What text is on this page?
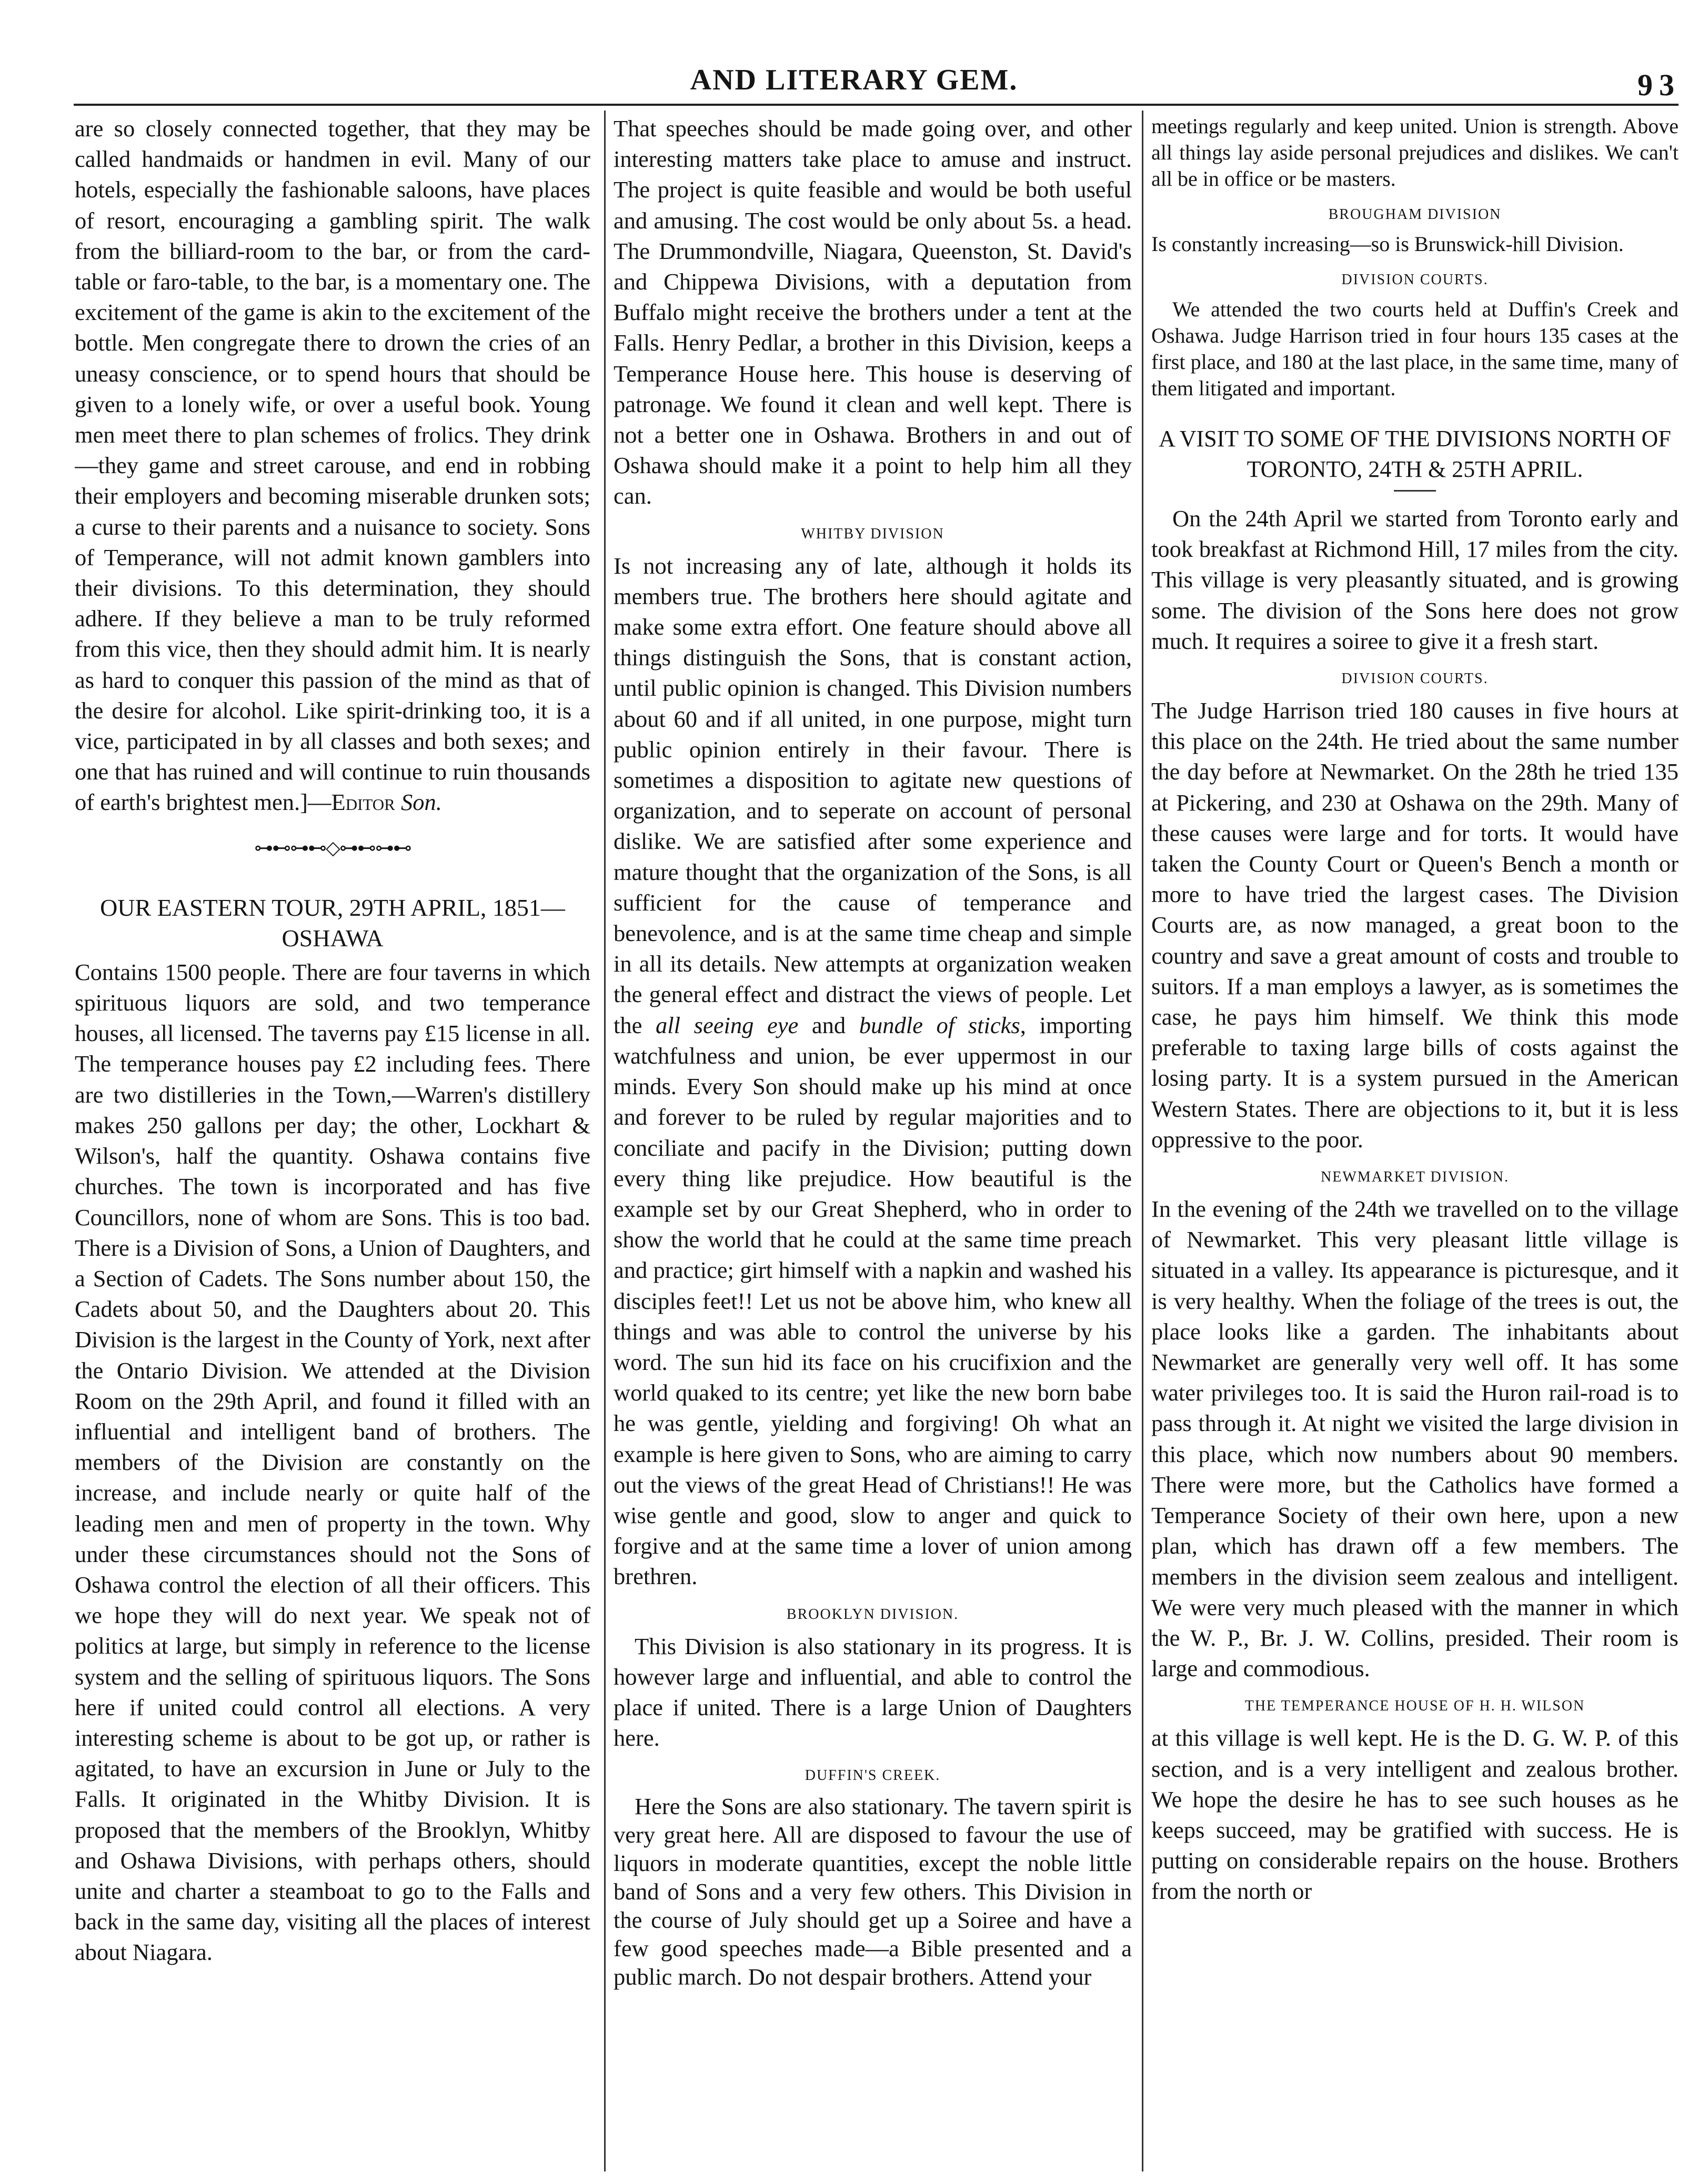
AND LITERARY GEM.	93

are so closely connected together, that they may be called handmaids or handmen in evil. Many of our hotels, especially the fashionable saloons, have places of resort, encouraging a gambling spirit. The walk from the billiard-room to the bar, or from the card-table or faro-table, to the bar, is a momentary one. The excitement of the game is akin to the excitement of the bottle. Men congregate there to drown the cries of an uneasy conscience, or to spend hours that should be given to a lonely wife, or over a useful book. Young men meet there to plan schemes of frolics. They drink—they game and street carouse, and end in robbing their employers and becoming miserable drunken sots; a curse to their parents and a nuisance to society. Sons of Temperance, will not admit known gamblers into their divisions. To this determination, they should adhere. If they believe a man to be truly reformed from this vice, then they should admit him. It is nearly as hard to conquer this passion of the mind as that of the desire for alcohol. Like spirit-drinking too, it is a vice, participated in by all classes and both sexes; and one that has ruined and will continue to ruin thousands of earth's brightest men.]—Editor Son.

⊶⊷⊶⊷◇⊶⊷⊶⊷
OUR EASTERN TOUR, 29TH APRIL, 1851— OSHAWA

Contains 1500 people. There are four taverns in which spirituous liquors are sold, and two temperance houses, all licensed. The taverns pay £15 license in all. The temperance houses pay £2 including fees. There are two distilleries in the Town,—Warren's distillery makes 250 gallons per day; the other, Lockhart & Wilson's, half the quantity. Oshawa contains five churches. The town is incorporated and has five Councillors, none of whom are Sons. This is too bad. There is a Division of Sons, a Union of Daughters, and a Section of Cadets. The Sons number about 150, the Cadets about 50, and the Daughters about 20. This Division is the largest in the County of York, next after the Ontario Division. We attended at the Division Room on the 29th April, and found it filled with an influential and intelligent band of brothers. The members of the Division are constantly on the increase, and include nearly or quite half of the leading men and men of property in the town. Why under these circumstances should not the Sons of Oshawa control the election of all their officers. This we hope they will do next year. We speak not of politics at large, but simply in reference to the license system and the selling of spirituous liquors. The Sons here if united could control all elections. A very interesting scheme is about to be got up, or rather is agitated, to have an excursion in June or July to the Falls. It originated in the Whitby Division. It is proposed that the members of the Brooklyn, Whitby and Oshawa Divisions, with perhaps others, should unite and charter a steamboat to go to the Falls and back in the same day, visiting all the places of interest about Niagara.

That speeches should be made going over, and other interesting matters take place to amuse and instruct. The project is quite feasible and would be both useful and amusing. The cost would be only about 5s. a head. The Drummondville, Niagara, Queenston, St. David's and Chippewa Divisions, with a deputation from Buffalo might receive the brothers under a tent at the Falls. Henry Pedlar, a brother in this Division, keeps a Temperance House here. This house is deserving of patronage. We found it clean and well kept. There is not a better one in Oshawa. Brothers in and out of Oshawa should make it a point to help him all they can.

WHITBY DIVISION

Is not increasing any of late, although it holds its members true. The brothers here should agitate and make some extra effort. One feature should above all things distinguish the Sons, that is constant action, until public opinion is changed. This Division numbers about 60 and if all united, in one purpose, might turn public opinion entirely in their favour. There is sometimes a disposition to agitate new questions of organization, and to seperate on account of personal dislike. We are satisfied after some experience and mature thought that the organization of the Sons, is all sufficient for the cause of temperance and benevolence, and is at the same time cheap and simple in all its details. New attempts at organization weaken the general effect and distract the views of people. Let the all seeing eye and bundle of sticks, importing watchfulness and union, be ever uppermost in our minds. Every Son should make up his mind at once and forever to be ruled by regular majorities and to conciliate and pacify in the Division; putting down every thing like prejudice. How beautiful is the example set by our Great Shepherd, who in order to show the world that he could at the same time preach and practice; girt himself with a napkin and washed his disciples feet!! Let us not be above him, who knew all things and was able to control the universe by his word. The sun hid its face on his crucifixion and the world quaked to its centre; yet like the new born babe he was gentle, yielding and forgiving! Oh what an example is here given to Sons, who are aiming to carry out the views of the great Head of Christians!! He was wise gentle and good, slow to anger and quick to forgive and at the same time a lover of union among brethren.

BROOKLYN DIVISION.

This Division is also stationary in its progress. It is however large and influential, and able to control the place if united. There is a large Union of Daughters here.

DUFFIN'S CREEK.

Here the Sons are also stationary. The tavern spirit is very great here. All are disposed to favour the use of liquors in moderate quantities, except the noble little band of Sons and a very few others. This Division in the course of July should get up a Soiree and have a few good speeches made—a Bible presented and a public march. Do not despair brothers. Attend your

meetings regularly and keep united. Union is strength. Above all things lay aside personal prejudices and dislikes. We can't all be in office or be masters.

BROUGHAM DIVISION

Is constantly increasing—so is Brunswick-hill Division.

DIVISION COURTS.

We attended the two courts held at Duffin's Creek and Oshawa. Judge Harrison tried in four hours 135 cases at the first place, and 180 at the last place, in the same time, many of them litigated and important.

A VISIT TO SOME OF THE DIVISIONS NORTH OF TORONTO, 24TH & 25TH APRIL.

On the 24th April we started from Toronto early and took breakfast at Richmond Hill, 17 miles from the city. This village is very pleasantly situated, and is growing some. The division of the Sons here does not grow much. It requires a soiree to give it a fresh start.

DIVISION COURTS.

The Judge Harrison tried 180 causes in five hours at this place on the 24th. He tried about the same number the day before at Newmarket. On the 28th he tried 135 at Pickering, and 230 at Oshawa on the 29th. Many of these causes were large and for torts. It would have taken the County Court or Queen's Bench a month or more to have tried the largest cases. The Division Courts are, as now managed, a great boon to the country and save a great amount of costs and trouble to suitors. If a man employs a lawyer, as is sometimes the case, he pays him himself. We think this mode preferable to taxing large bills of costs against the losing party. It is a system pursued in the American Western States. There are objections to it, but it is less oppressive to the poor.

NEWMARKET DIVISION.

In the evening of the 24th we travelled on to the village of Newmarket. This very pleasant little village is situated in a valley. Its appearance is picturesque, and it is very healthy. When the foliage of the trees is out, the place looks like a garden. The inhabitants about Newmarket are generally very well off. It has some water privileges too. It is said the Huron rail-road is to pass through it. At night we visited the large division in this place, which now numbers about 90 members. There were more, but the Catholics have formed a Temperance Society of their own here, upon a new plan, which has drawn off a few members. The members in the division seem zealous and intelligent. We were very much pleased with the manner in which the W. P., Br. J. W. Collins, presided. Their room is large and commodious.

THE TEMPERANCE HOUSE OF H. H. WILSON

at this village is well kept. He is the D. G. W. P. of this section, and is a very intelligent and zealous brother. We hope the desire he has to see such houses as he keeps succeed, may be gratified with success. He is putting on considerable repairs on the house. Brothers from the north or
